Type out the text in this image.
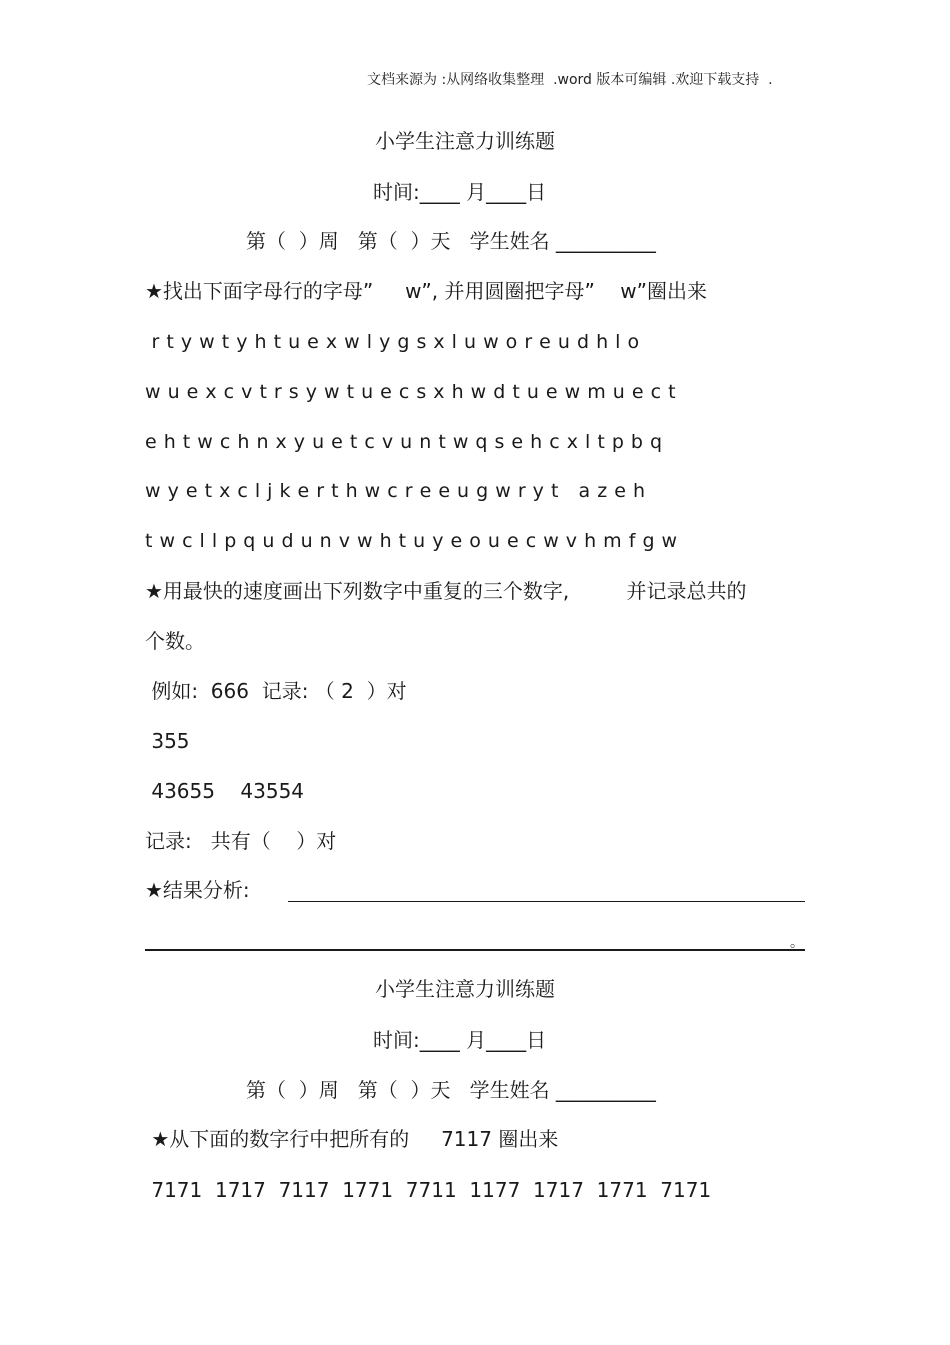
文档来源为 :从网络收集整理  .word 版本可编辑 .欢迎下载支持  .
小学生注意力训练题
时间:____ 月____日
第（  ）周   第（  ）天   学生姓名 __________
★找出下面字母行的字母”     w”, 并用圆圈把字母”    w”圈出来
r t y w t y h t u e x w l y g s x l u w o r e u d h l o
w u e x c v t r s y w t u e c s x h w d t u e w m u e c t
e h t w c h n x y u e t c v u n t w q s e h c x l t p b q
w y e t x c l j k e r t h w c r e e u g w r y t   a z e h
t w c l l p q u d u n v w h t u y e o u e c w v h m f g w
★用最快的速度画出下列数字中重复的三个数字,         并记录总共的
个数。
例如:  666  记录: （ 2  ）对
355
43655    43554
记录:   共有（    ）对
★结果分析:
。
小学生注意力训练题
时间:____ 月____日
第（  ）周   第（  ）天   学生姓名 __________
★从下面的数字行中把所有的     7117 圈出来
7171  1717  7117  1771  7711  1177  1717  1771  7171
